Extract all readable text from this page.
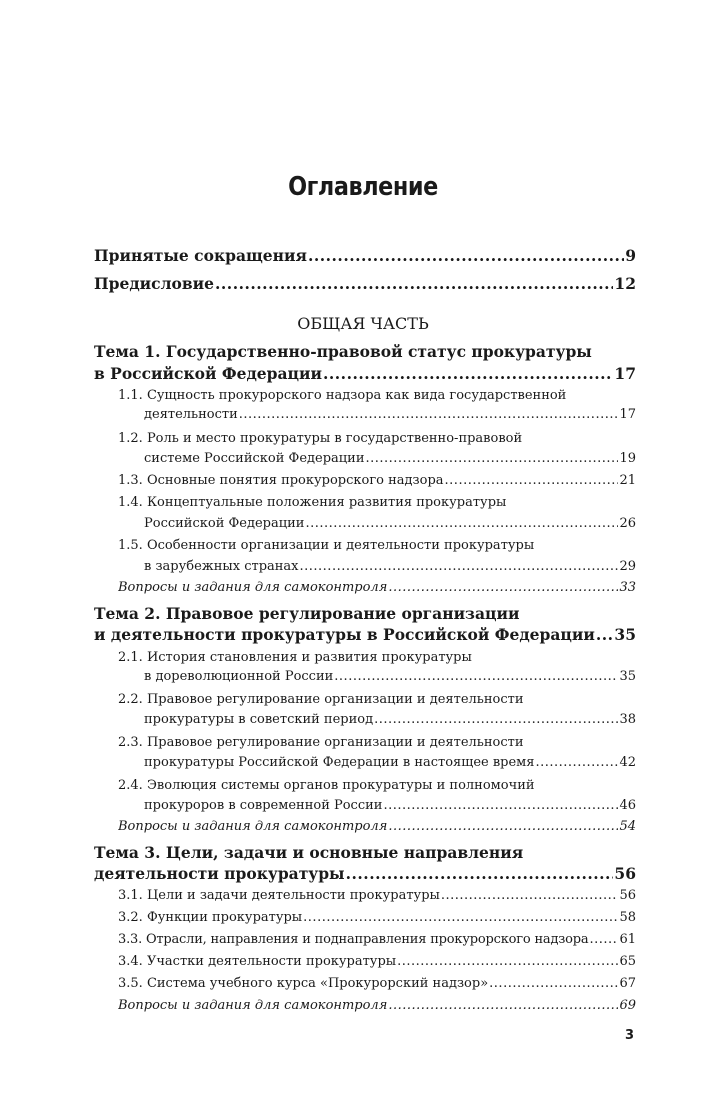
Оглавление
Принятые сокращения .....	9
Предисловие .....	12
ОБЩАЯ ЧАСТЬ
Тема 1. Государственно-правовой статус прокуратуры
в Российской Федерации .....	17
1.1. Сущность прокурорского надзора как вида государственной
деятельности .....	17
1.2. Роль и место прокуратуры в государственно-правовой
системе Российской Федерации .....	19
1.3. Основные понятия прокурорского надзора .....	21
1.4. Концептуальные положения развития прокуратуры
Российской Федерации .....	26
1.5. Особенности организации и деятельности прокуратуры
в зарубежных странах .....	29
Вопросы и задания для самоконтроля .....	33
Тема 2. Правовое регулирование организации
и деятельности прокуратуры в Российской Федерации ..... 35
2.1. История становления и развития прокуратуры
в дореволюционной России .....	35
2.2. Правовое регулирование организации и деятельности
прокуратуры в советский период .....	38
2.3. Правовое регулирование организации и деятельности
прокуратуры Российской Федерации в настоящее время .....	42
2.4. Эволюция системы органов прокуратуры и полномочий
прокуроров в современной России .....	46
Вопросы и задания для самоконтроля .....	54
Тема 3. Цели, задачи и основные направления
деятельности прокуратуры .....	56
3.1. Цели и задачи деятельности прокуратуры .....	56
3.2. Функции прокуратуры .....	58
3.3. Отрасли, направления и поднаправления прокурорского надзора ..... 61
3.4. Участки деятельности прокуратуры .....	65
3.5. Система учебного курса «Прокурорский надзор» .....	67
Вопросы и задания для самоконтроля .....	69
3
